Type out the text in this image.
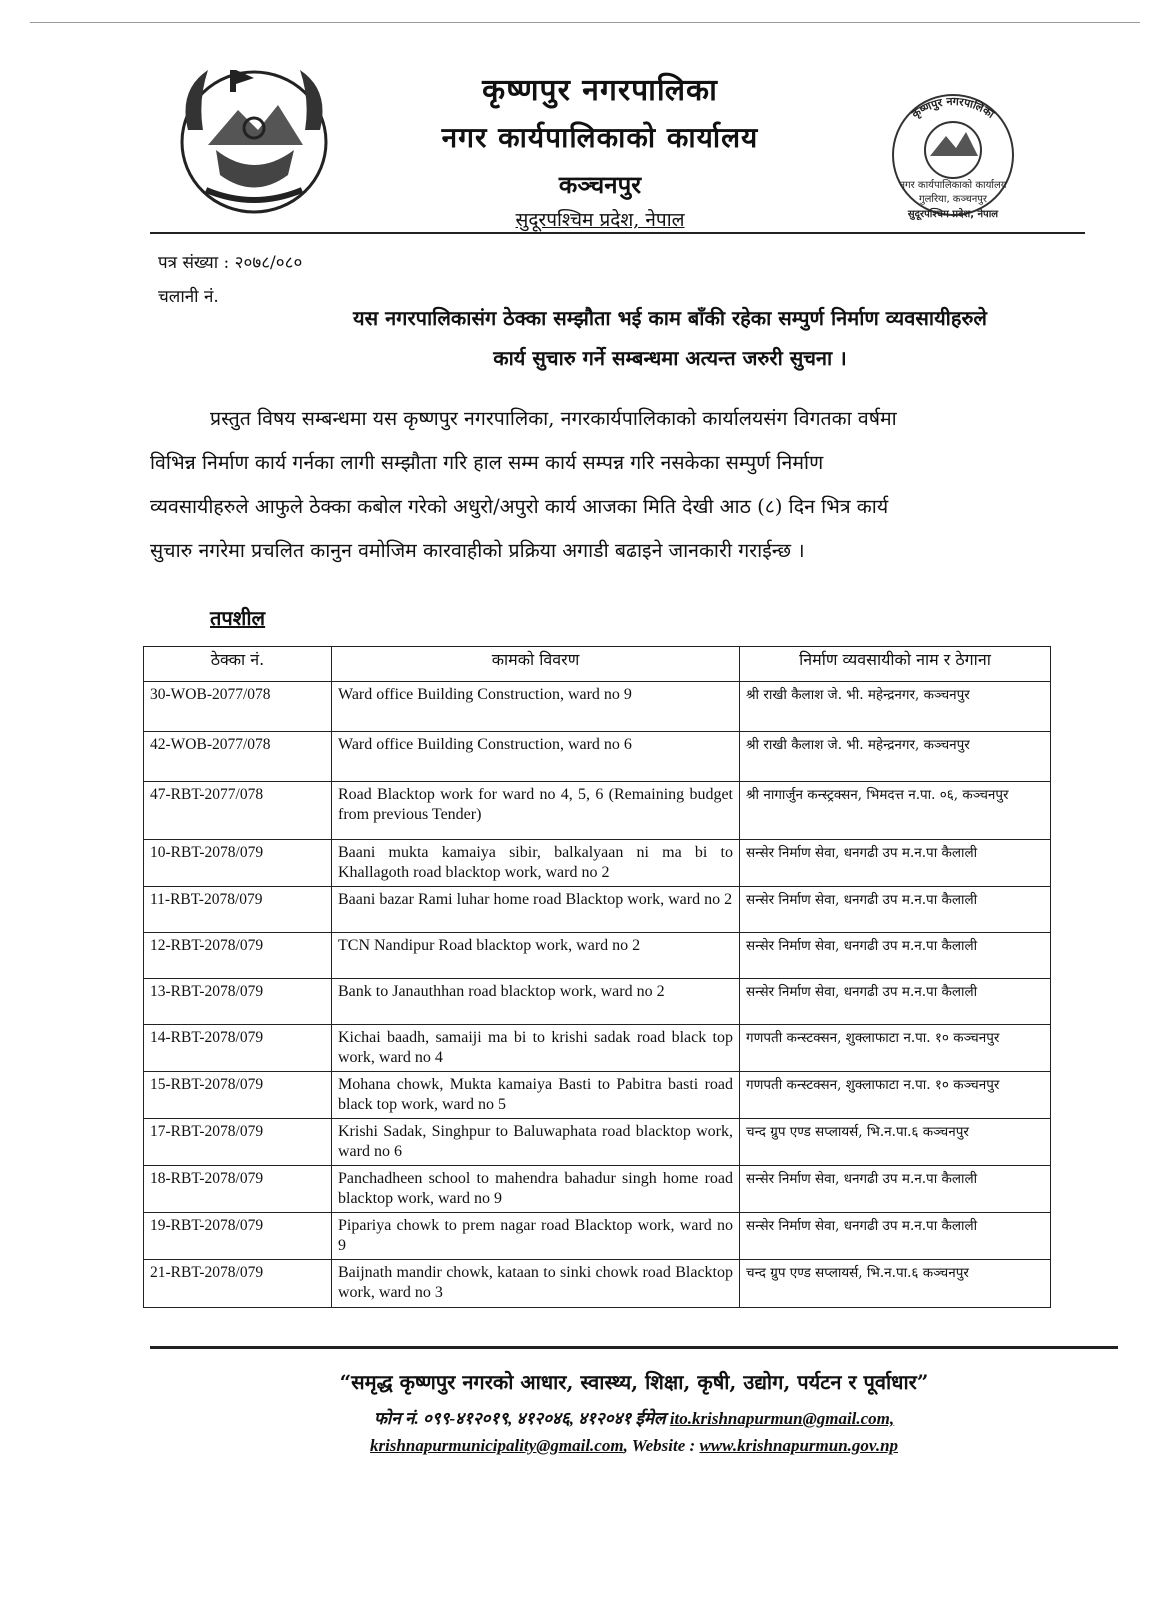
कृष्णपुर नगरपालिका
नगर कार्यपालिकाको कार्यालय
कञ्चनपुर
सुदूरपश्चिम प्रदेश, नेपाल
कृष्णपुर नगरपालिका
नगर कार्यपालिकाको कार्यालय
गुलरिया, कञ्चनपुर
सुदूरपश्चिम प्रदेश, नेपाल
पत्र संख्या : २०७८/०८०
चलानी नं.
यस नगरपालिकासंग ठेक्का सम्झौता भई काम बाँकी रहेका सम्पुर्ण निर्माण व्यवसायीहरुले
कार्य सुचारु गर्ने सम्बन्धमा अत्यन्त जरुरी सुचना ।
प्रस्तुत विषय सम्बन्धमा यस कृष्णपुर नगरपालिका, नगरकार्यपालिकाको कार्यालयसंग विगतका वर्षमा
विभिन्न निर्माण कार्य गर्नका लागी सम्झौता गरि हाल सम्म कार्य सम्पन्न गरि नसकेका सम्पुर्ण निर्माण
व्यवसायीहरुले आफुले ठेक्का कबोल गरेको अधुरो/अपुरो कार्य आजका मिति देखी आठ (८) दिन भित्र कार्य
सुचारु नगरेमा प्रचलित कानुन वमोजिम कारवाहीको प्रक्रिया अगाडी बढाइने जानकारी गराईन्छ ।
तपशील
ठेक्का नं.	कामको विवरण	निर्माण व्यवसायीको नाम र ठेगाना
30-WOB-2077/078	Ward office Building Construction, ward no 9	श्री राखी कैलाश जे. भी. महेन्द्रनगर, कञ्चनपुर
42-WOB-2077/078	Ward office Building Construction, ward no 6	श्री राखी कैलाश जे. भी. महेन्द्रनगर, कञ्चनपुर
47-RBT-2077/078	Road Blacktop work for ward no 4, 5, 6 (Remaining budget from previous Tender)	श्री नागार्जुन कन्स्ट्रक्सन, भिमदत्त न.पा. ०६, कञ्चनपुर
10-RBT-2078/079	Baani mukta kamaiya sibir, balkalyaan ni ma bi to Khallagoth road blacktop work, ward no 2	सन्सेर निर्माण सेवा, धनगढी उप म.न.पा कैलाली
11-RBT-2078/079	Baani bazar Rami luhar home road Blacktop work, ward no 2	सन्सेर निर्माण सेवा, धनगढी उप म.न.पा कैलाली
12-RBT-2078/079	TCN Nandipur Road blacktop work, ward no 2	सन्सेर निर्माण सेवा, धनगढी उप म.न.पा कैलाली
13-RBT-2078/079	Bank to Janauthhan road blacktop work, ward no 2	सन्सेर निर्माण सेवा, धनगढी उप म.न.पा कैलाली
14-RBT-2078/079	Kichai baadh, samaiji ma bi to krishi sadak road black top work, ward no 4	गणपती कन्स्टक्सन, शुक्लाफाटा न.पा. १० कञ्चनपुर
15-RBT-2078/079	Mohana chowk, Mukta kamaiya Basti to Pabitra basti road black top work, ward no 5	गणपती कन्स्टक्सन, शुक्लाफाटा न.पा. १० कञ्चनपुर
17-RBT-2078/079	Krishi Sadak, Singhpur to Baluwaphata road blacktop work, ward no 6	चन्द ग्रुप एण्ड सप्लायर्स, भि.न.पा.६ कञ्चनपुर
18-RBT-2078/079	Panchadheen school to mahendra bahadur singh home road blacktop work, ward no 9	सन्सेर निर्माण सेवा, धनगढी उप म.न.पा कैलाली
19-RBT-2078/079	Pipariya chowk to prem nagar road Blacktop work, ward no 9	सन्सेर निर्माण सेवा, धनगढी उप म.न.पा कैलाली
21-RBT-2078/079	Baijnath mandir chowk, kataan to sinki chowk road Blacktop work, ward no 3	चन्द ग्रुप एण्ड सप्लायर्स, भि.न.पा.६ कञ्चनपुर
“समृद्ध कृष्णपुर नगरको आधार, स्वास्थ्य, शिक्षा, कृषी, उद्योग, पर्यटन र पूर्वाधार”
फोन नं. ०९९-४१२०१९, ४१२०४६, ४१२०४१ ईमेल ito.krishnapurmun@gmail.com,
krishnapurmunicipality@gmail.com, Website : www.krishnapurmun.gov.np
